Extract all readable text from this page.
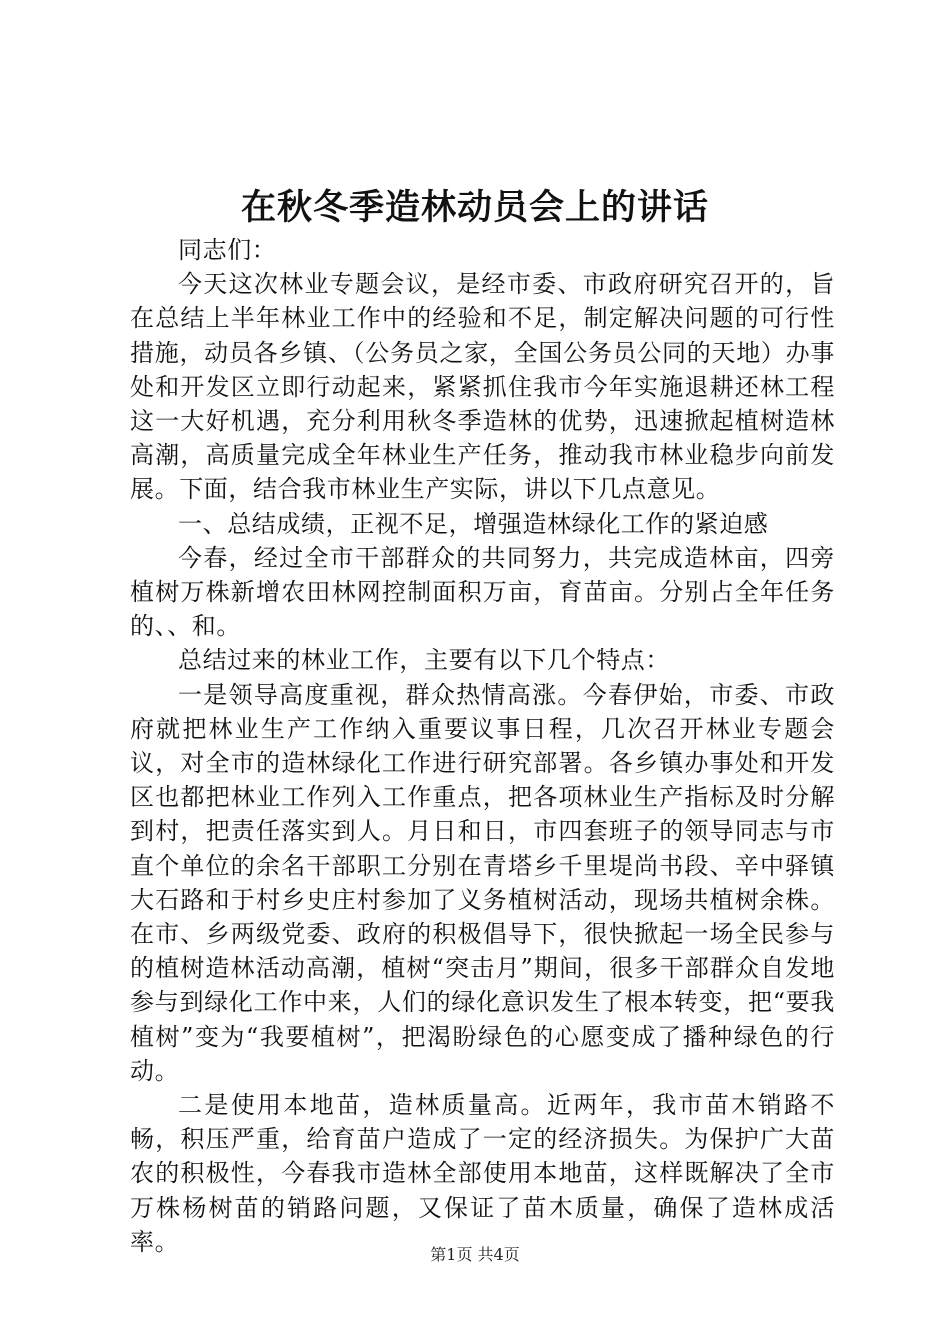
在秋冬季造林动员会上的讲话

同志们：

今天这次林业专题会议，是经市委、市政府研究召开的，旨在总结上半年林业工作中的经验和不足，制定解决问题的可行性措施，动员各乡镇、（公务员之家，全国公务员公同的天地）办事处和开发区立即行动起来，紧紧抓住我市今年实施退耕还林工程这一大好机遇，充分利用秋冬季造林的优势，迅速掀起植树造林高潮，高质量完成全年林业生产任务，推动我市林业稳步向前发展。下面，结合我市林业生产实际，讲以下几点意见。

一、总结成绩，正视不足，增强造林绿化工作的紧迫感

今春，经过全市干部群众的共同努力，共完成造林亩，四旁植树万株新增农田林网控制面积万亩，育苗亩。分别占全年任务的、、和。

总结过来的林业工作，主要有以下几个特点：

一是领导高度重视，群众热情高涨。今春伊始，市委、市政府就把林业生产工作纳入重要议事日程，几次召开林业专题会议，对全市的造林绿化工作进行研究部署。各乡镇办事处和开发区也都把林业工作列入工作重点，把各项林业生产指标及时分解到村，把责任落实到人。月日和日，市四套班子的领导同志与市直个单位的余名干部职工分别在青塔乡千里堤尚书段、辛中驿镇大石路和于村乡史庄村参加了义务植树活动，现场共植树余株。在市、乡两级党委、政府的积极倡导下，很快掀起一场全民参与的植树造林活动高潮，植树“突击月”期间，很多干部群众自发地参与到绿化工作中来，人们的绿化意识发生了根本转变，把“要我植树”变为“我要植树”，把渴盼绿色的心愿变成了播种绿色的行动。

二是使用本地苗，造林质量高。近两年，我市苗木销路不畅，积压严重，给育苗户造成了一定的经济损失。为保护广大苗农的积极性，今春我市造林全部使用本地苗，这样既解决了全市万株杨树苗的销路问题，又保证了苗木质量，确保了造林成活率。	第1页 共4页
